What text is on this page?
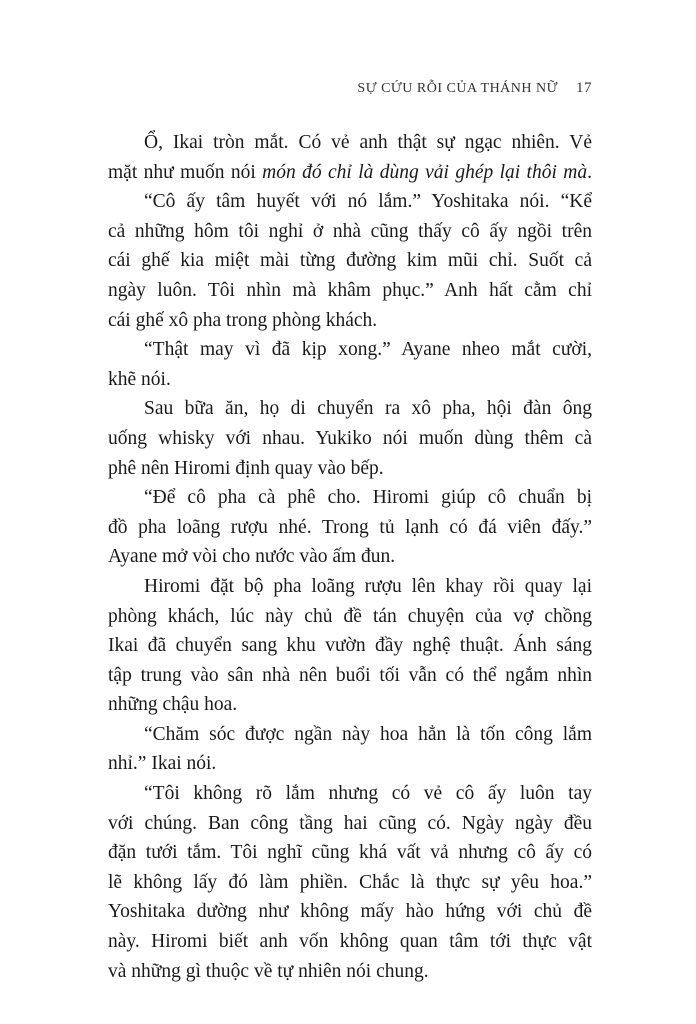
SỰ CỨU RỖI CỦA THÁNH NỮ 17
Ổ, Ikai tròn mắt. Có vẻ anh thật sự ngạc nhiên. Vẻ
mặt như muốn nói món đó chỉ là dùng vải ghép lại thôi mà.
“Cô ấy tâm huyết với nó lắm.” Yoshitaka nói. “Kể
cả những hôm tôi nghỉ ở nhà cũng thấy cô ấy ngồi trên
cái ghế kia miệt mài từng đường kim mũi chỉ. Suốt cả
ngày luôn. Tôi nhìn mà khâm phục.” Anh hất cằm chỉ
cái ghế xô pha trong phòng khách.
“Thật may vì đã kịp xong.” Ayane nheo mắt cười,
khẽ nói.
Sau bữa ăn, họ di chuyển ra xô pha, hội đàn ông
uống whisky với nhau. Yukiko nói muốn dùng thêm cà
phê nên Hiromi định quay vào bếp.
“Để cô pha cà phê cho. Hiromi giúp cô chuẩn bị
đồ pha loãng rượu nhé. Trong tủ lạnh có đá viên đấy.”
Ayane mở vòi cho nước vào ấm đun.
Hiromi đặt bộ pha loãng rượu lên khay rồi quay lại
phòng khách, lúc này chủ đề tán chuyện của vợ chồng
Ikai đã chuyển sang khu vườn đầy nghệ thuật. Ánh sáng
tập trung vào sân nhà nên buổi tối vẫn có thể ngắm nhìn
những chậu hoa.
“Chăm sóc được ngần này hoa hẳn là tốn công lắm
nhỉ.” Ikai nói.
“Tôi không rõ lắm nhưng có vẻ cô ấy luôn tay
với chúng. Ban công tầng hai cũng có. Ngày ngày đều
đặn tưới tắm. Tôi nghĩ cũng khá vất vả nhưng cô ấy có
lẽ không lấy đó làm phiền. Chắc là thực sự yêu hoa.”
Yoshitaka dường như không mấy hào hứng với chủ đề
này. Hiromi biết anh vốn không quan tâm tới thực vật
và những gì thuộc về tự nhiên nói chung.
